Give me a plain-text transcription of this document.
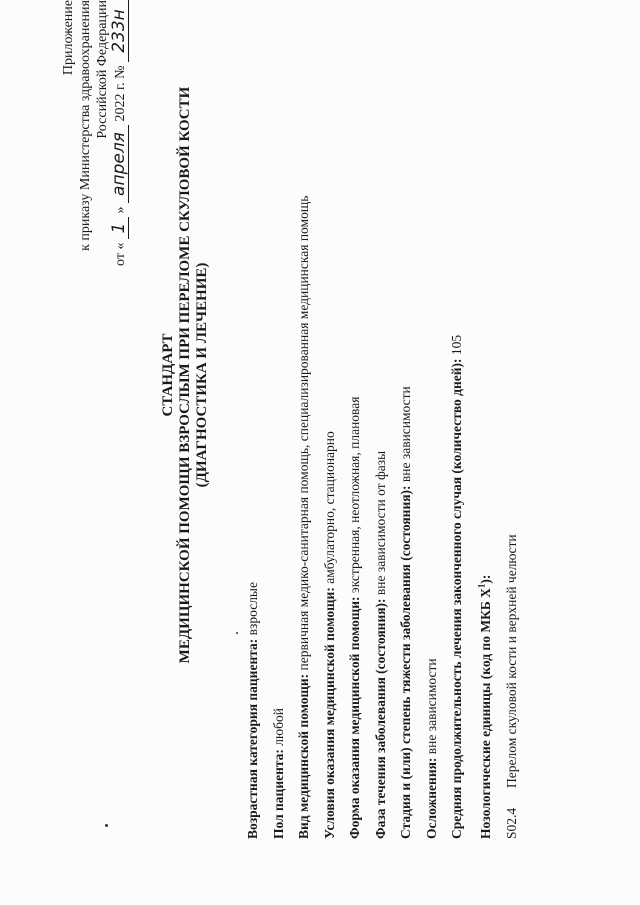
Приложение к приказу Министерства здравоохранения Российской Федерации
от « 1 » апреля 2022 г. № 233н
СТАНДАРТ МЕДИЦИНСКОЙ ПОМОЩИ ВЗРОСЛЫМ ПРИ ПЕРЕЛОМЕ СКУЛОВОЙ КОСТИ (ДИАГНОСТИКА И ЛЕЧЕНИЕ)
Возрастная категория пациента: взрослые
Пол пациента: любой Вид медицинской помощи: первичная медико-санитарная помощь, специализированная медицинская помощь
Условия оказания медицинской помощи: амбулаторно, стационарно
Форма оказания медицинской помощи: экстренная, неотложная, плановая
Фаза течения заболевания (состояния): вне зависимости от фазы Стадия и (или) степень тяжести заболевания (состояния): вне зависимости
Осложнения: вне зависимости Средняя продолжительность лечения законченного случая (количество дней): 105
Нозологические единицы (код по МКБ $X^1$):
S02.4
Перелом скуловой кости и верхней челюсти
